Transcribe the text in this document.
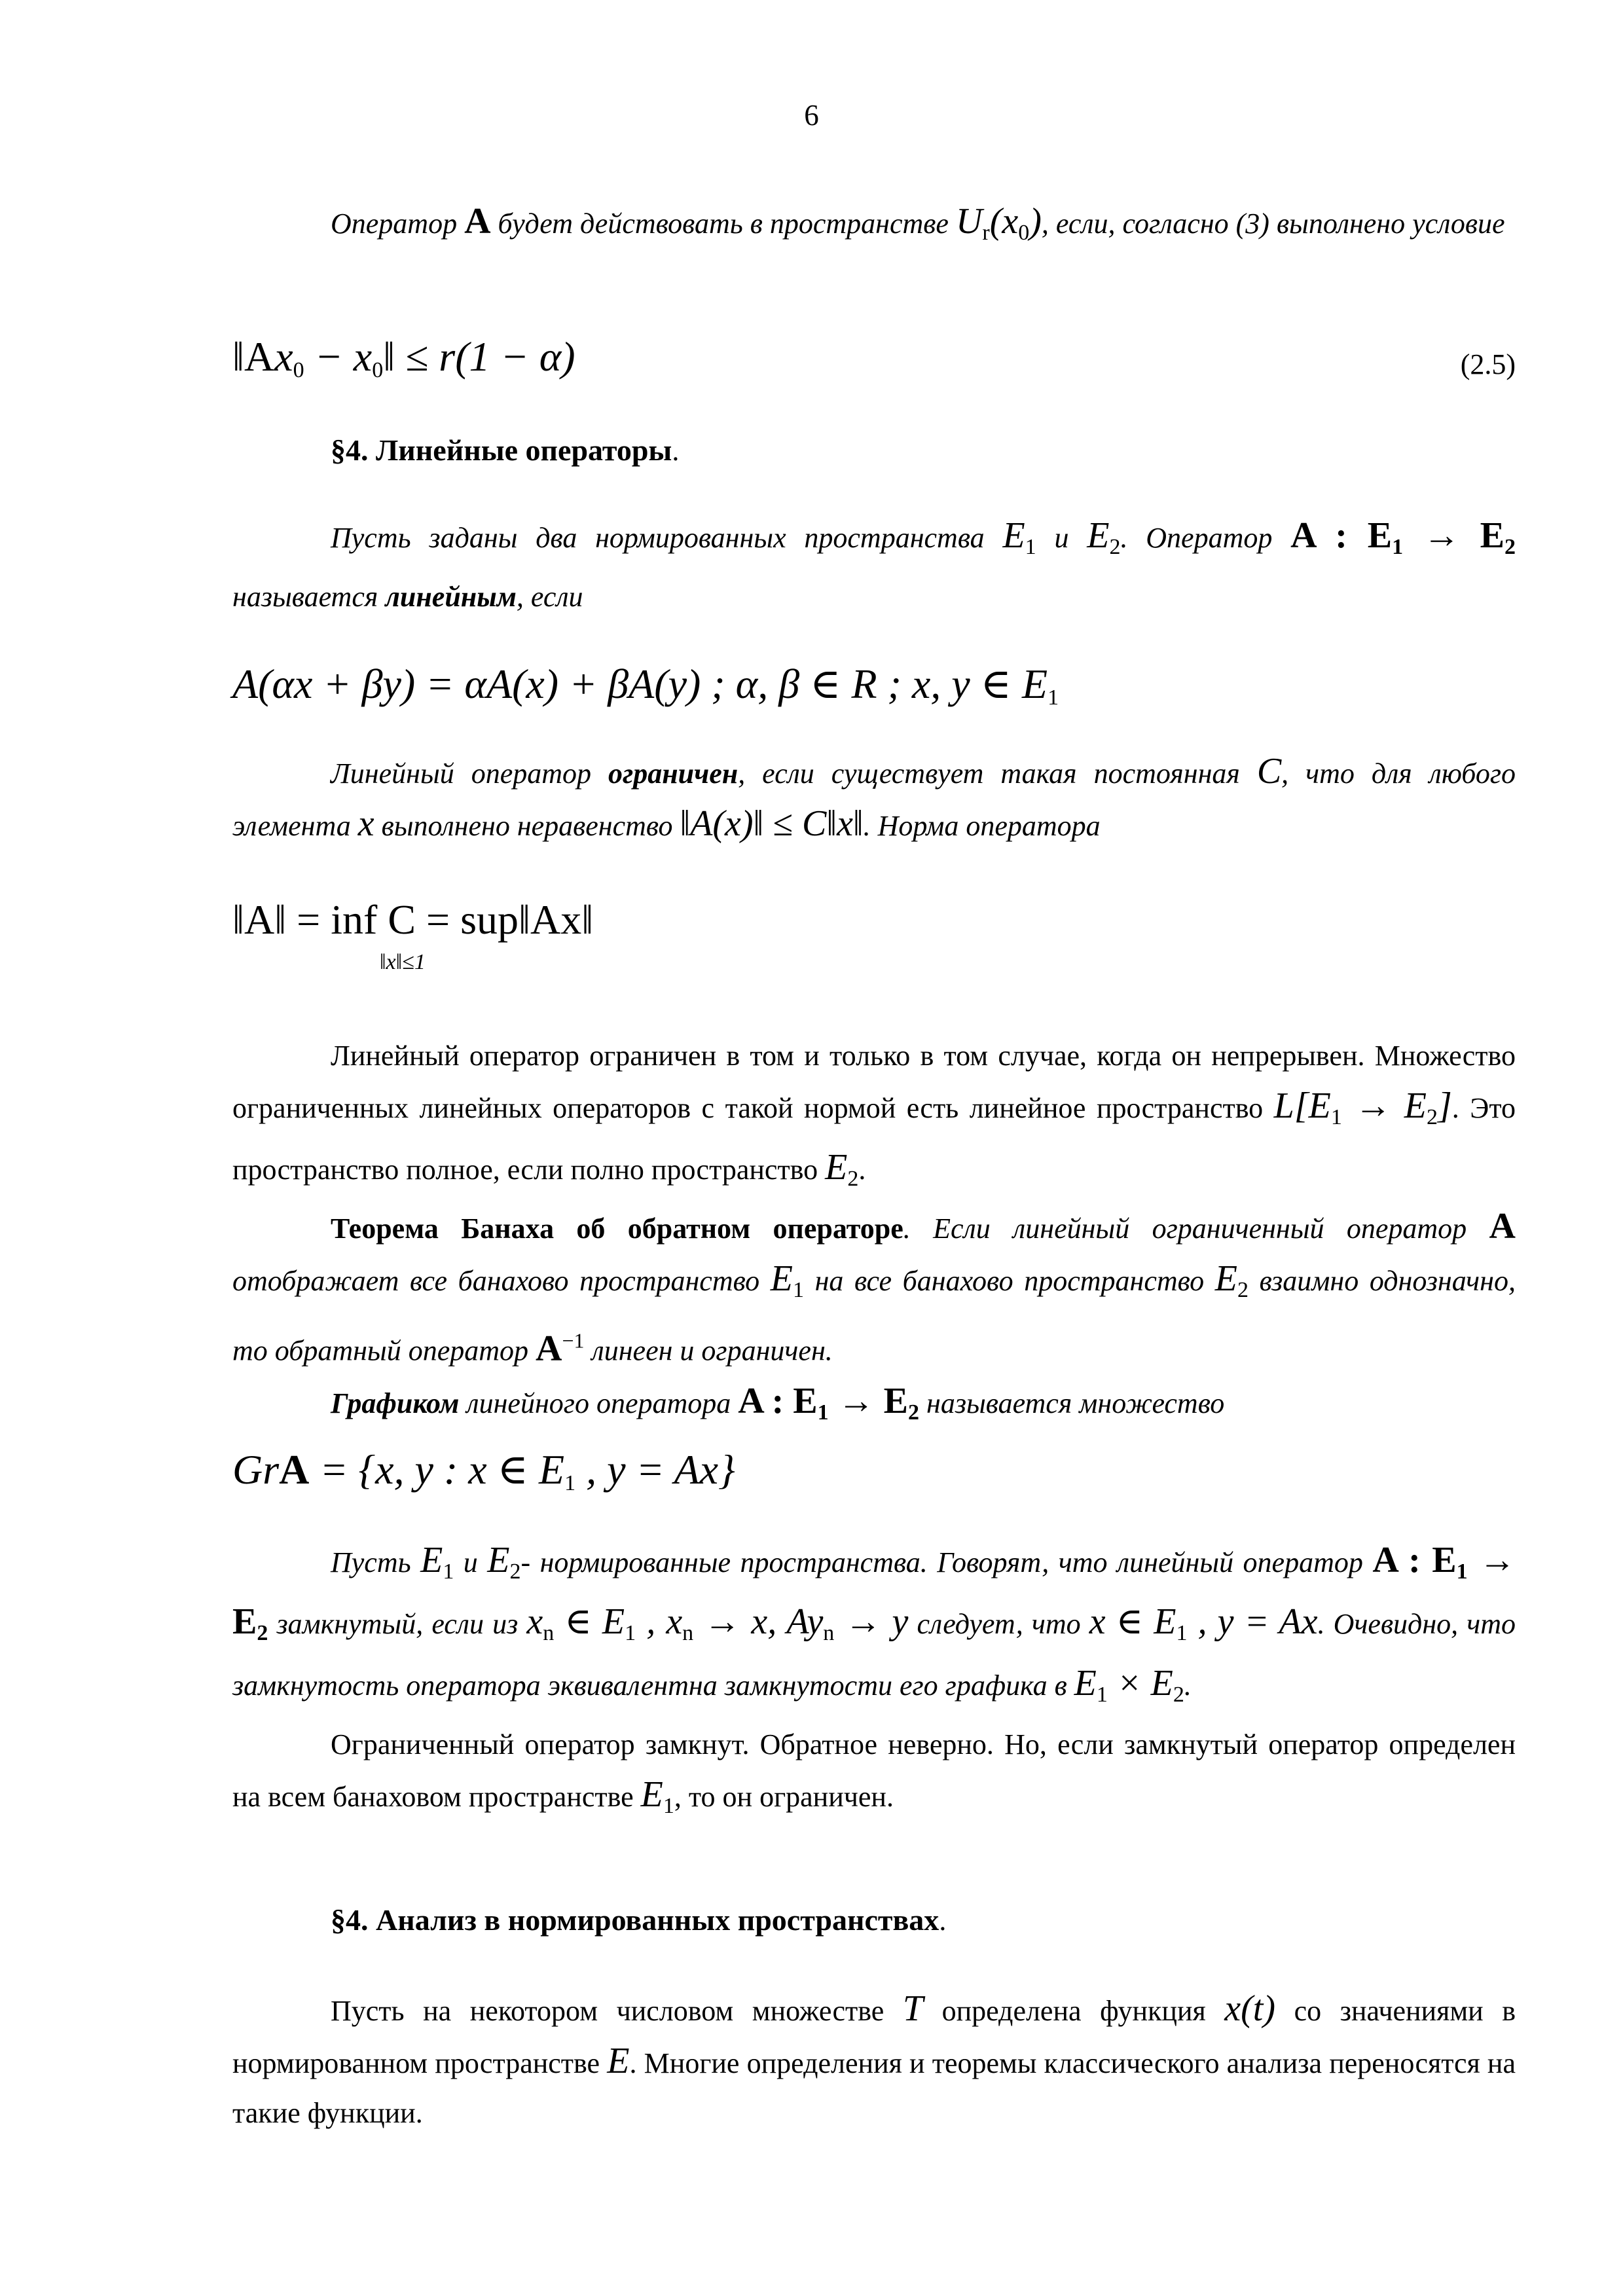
6

Оператор A будет действовать в пространстве $U_r(x_0)$, если, согласно (3) выполнено условие

$‖Ax_0$ − $x_0‖ \le r(1 - \alpha)$	(2.5)

§4. Линейные операторы.

Пусть заданы два нормированных пространства $E_1$ и $E_2$. Оператор A : $E_1 \to E_2$ называется линейным, если

A(αx + βy) = αA(x) + βA(y) ; α, β ∈ R ; x, y ∈ $E_1$

Линейный оператор ограничен, если существует такая постоянная C, что для любого элемента x выполнено неравенство ‖A(x)‖ ≤ C‖x‖. Норма оператора

‖A‖ = inf C = sup‖Ax‖
‖x‖≤1

Линейный оператор ограничен в том и только в том случае, когда он непрерывен. Множество ограниченных линейных операторов с такой нормой есть линейное пространство $L[E_1 \to E_2]$. Это пространство полное, если полно пространство $E_2$.

Теорема Банаха об обратном операторе. Если линейный ограниченный оператор A отображает все банахово пространство $E_1$ на все банахово пространство $E_2$ взаимно однозначно, то обратный оператор $A^{-1}$ линеен и ограничен.

Графиком линейного оператора A : $E_1 \to E_2$ называется множество

GrA = {x, y : x ∈ $E_1$ , y = Ax}

Пусть $E_1$ и $E_2-$ нормированные пространства. Говорят, что линейный оператор A : $E_1 \to E_2$ замкнутый, если из $x_n$ ∈ $E_1$ , $x_n \to x$, $Ay_n \to y$ следует, что x ∈ $E_1$ , y = Ax. Очевидно, что замкнутость оператора эквивалентна замкнутости его графика в $E_1 \times E_2$.

Ограниченный оператор замкнут. Обратное неверно. Но, если замкнутый оператор определен на всем банаховом пространстве $E_1$, то он ограничен.

§4. Анализ в нормированных пространствах.

Пусть на некотором числовом множестве T определена функция x(t) со значениями в нормированном пространстве E. Многие определения и теоремы классического анализа переносятся на такие функции.
